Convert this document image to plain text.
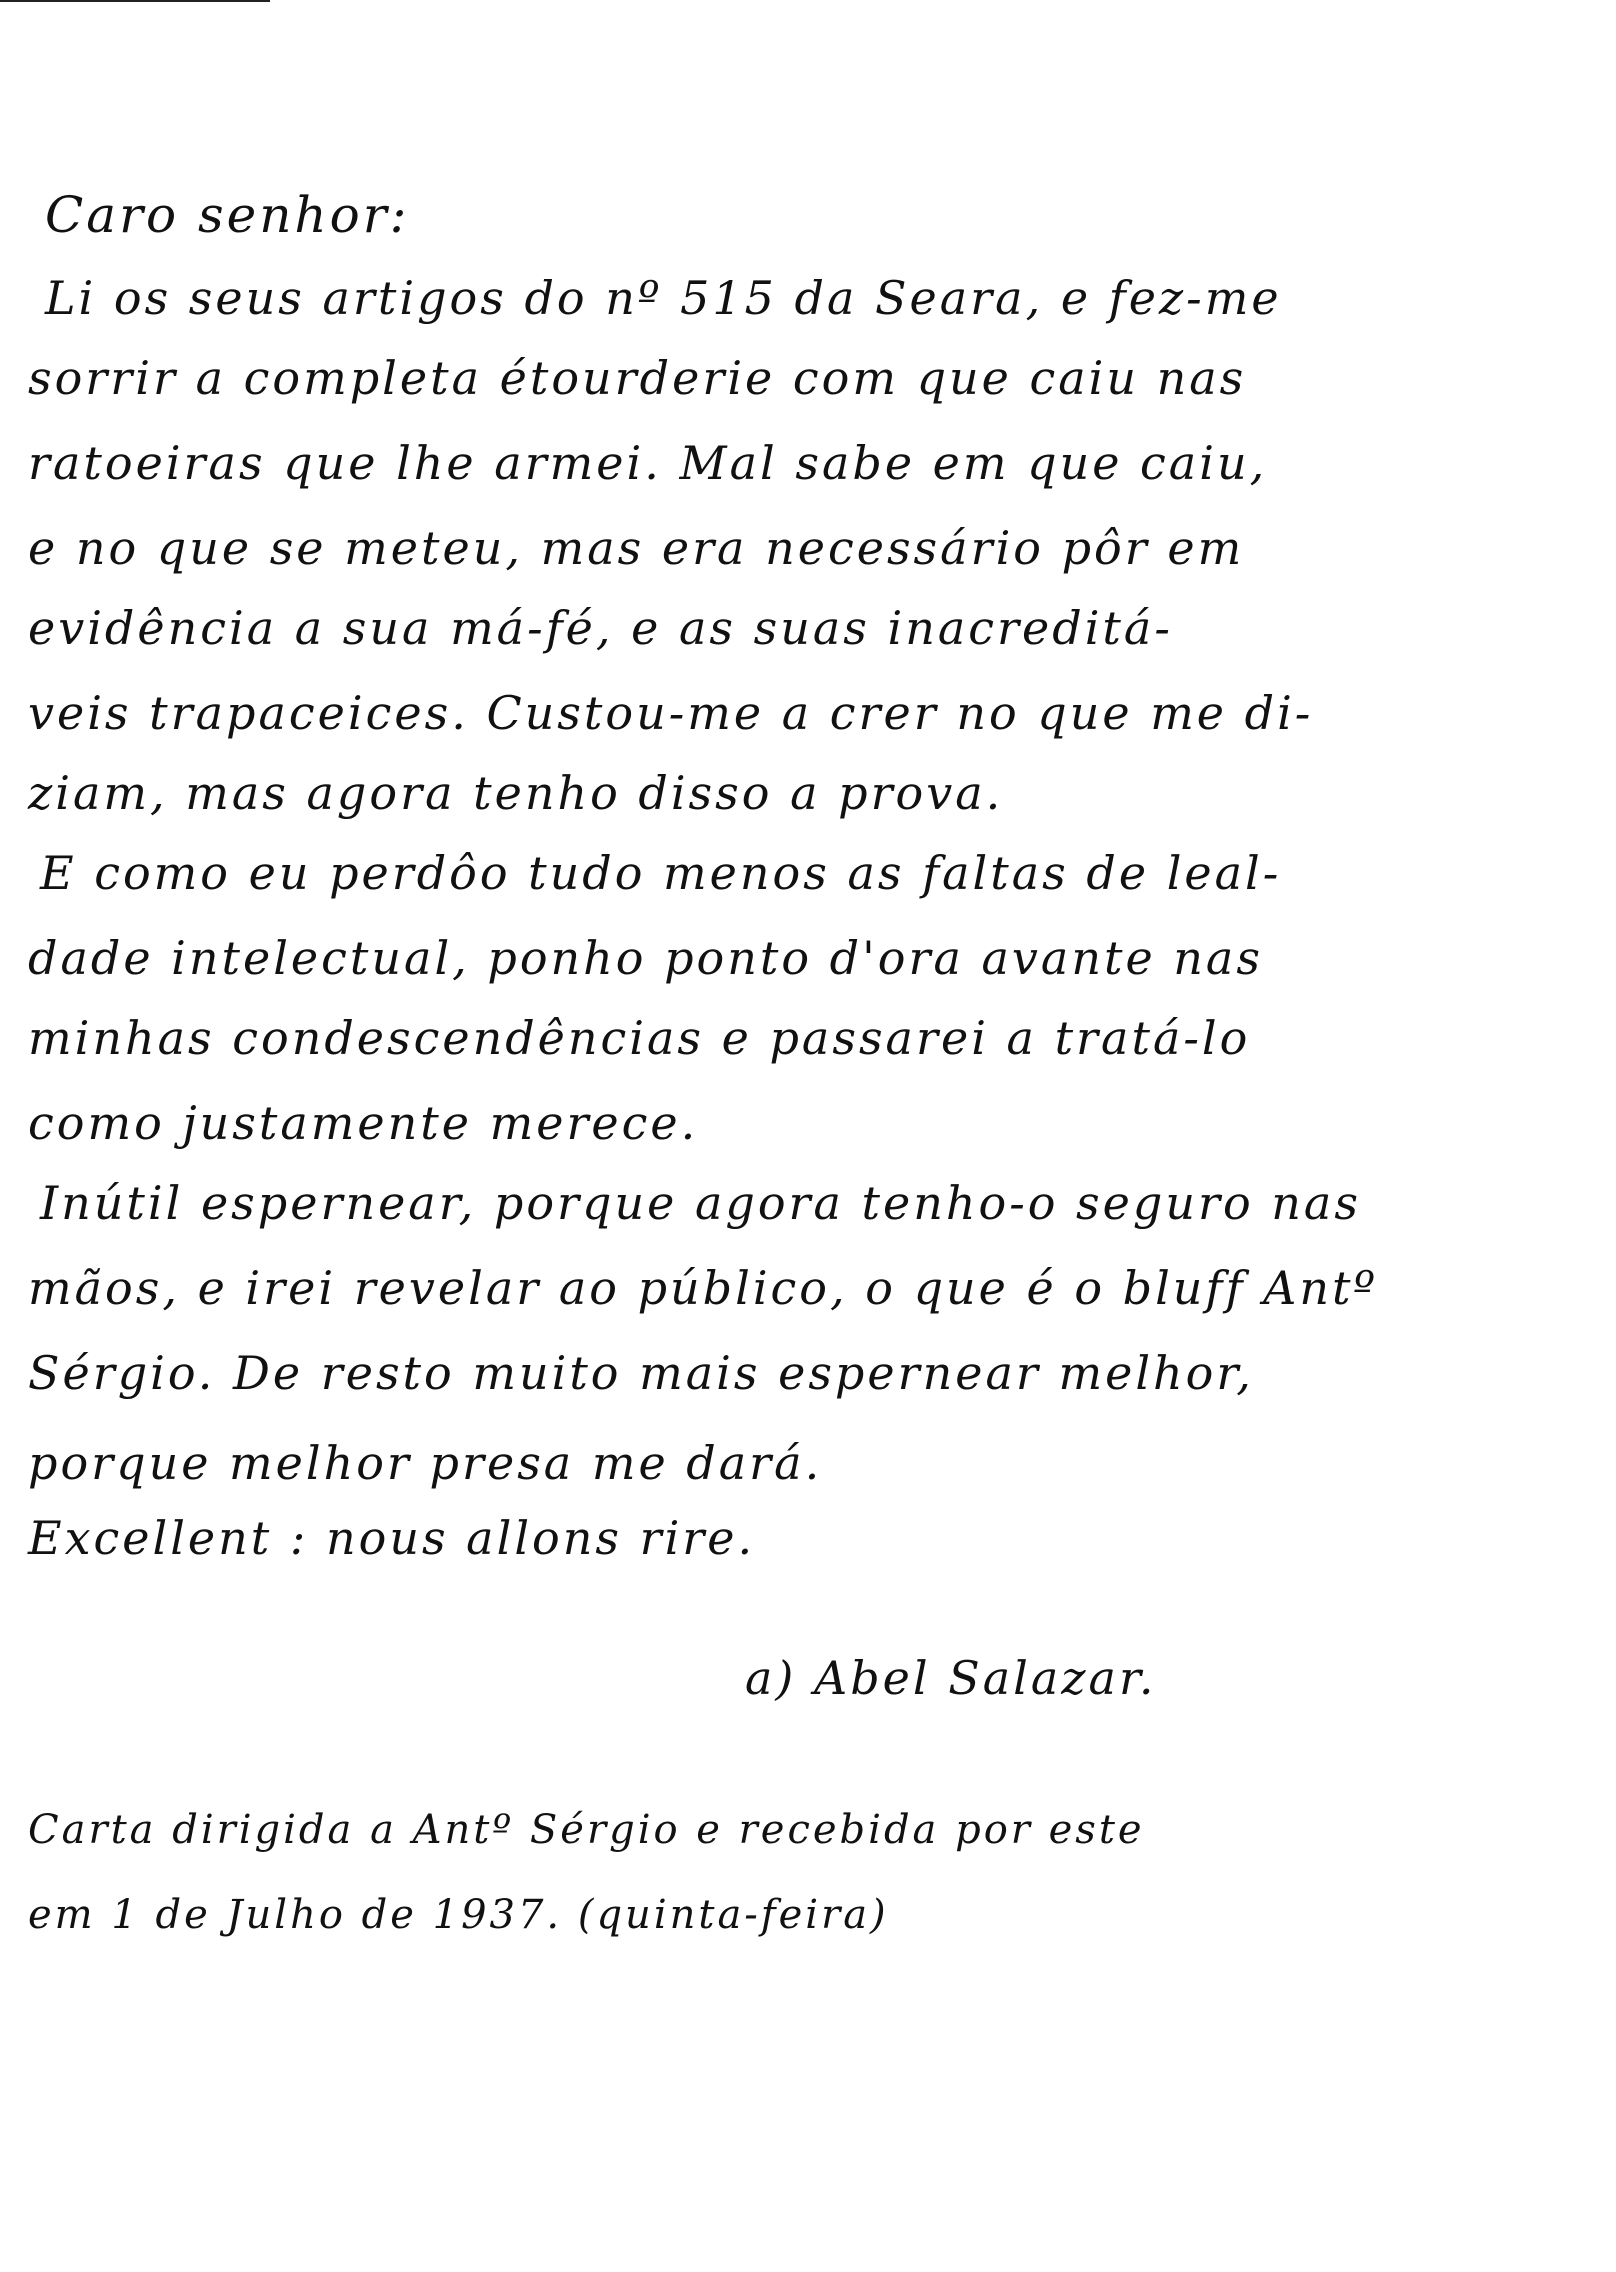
Caro senhor:
Li os seus artigos do nº 515 da Seara, e fez-me
sorrir a completa étourderie com que caiu nas
ratoeiras que lhe armei. Mal sabe em que caiu,
e no que se meteu, mas era necessário pôr em
evidência a sua má-fé, e as suas inacreditá-
veis trapaceices. Custou-me a crer no que me di-
ziam, mas agora tenho disso a prova.
E como eu perdôo tudo menos as faltas de leal-
dade intelectual, ponho ponto d'ora avante nas
minhas condescendências e passarei a tratá-lo
como justamente merece.
Inútil espernear, porque agora tenho-o seguro nas
mãos, e irei revelar ao público, o que é o bluff Antº
Sérgio. De resto muito mais espernear melhor,
porque melhor presa me dará.
Excellent : nous allons rire.
a) Abel Salazar.
Carta dirigida a Antº Sérgio e recebida por este
em 1 de Julho de 1937. (quinta-feira)
